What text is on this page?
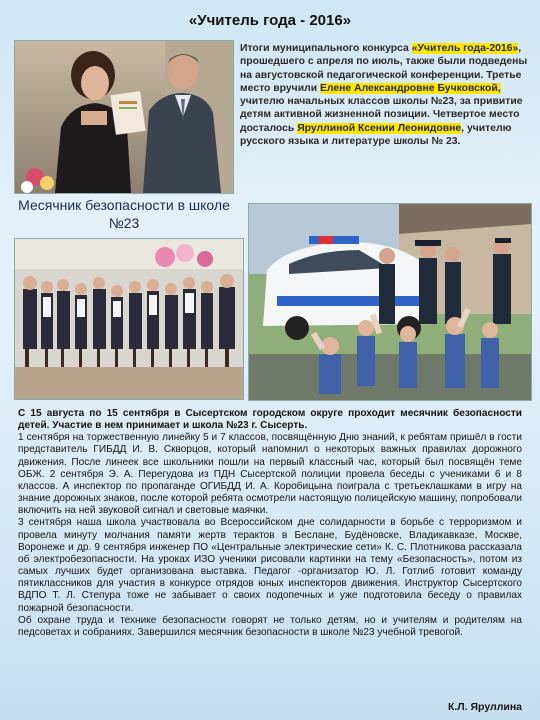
«Учитель года - 2016»
Итоги муниципального конкурса «Учитель года-2016», прошедшего с апреля по июль, также были подведены на августовской педагогической конференции. Третье место вручили Елене Александровне Бучковской, учителю начальных классов школы №23, за привитие детям активной жизненной позиции. Четвертое место досталось Яруллиной Ксении Леонидовне, учителю русского языка и литературе школы № 23.
Месячник безопасности в школе №23

С 15 августа по 15 сентября в Сысертском городском округе проходит месячник безопасности детей. Участие в нем принимает и школа №23 г. Сысерть.

1 сентября на торжественную линейку 5 и 7 классов, посвящённую Дню знаний, к ребятам пришёл в гости представитель ГИБДД И. В. Скворцов, который напомнил о некоторых важных правилах дорожного движения. После линеек все школьники пошли на первый классный час, который был посвящён теме ОБЖ. 2 сентября Э. А. Перегудова из ПДН Сысертской полиции провела беседы с учениками 6 и 8 классов. А инспектор по пропаганде ОГИБДД И. А. Коробицына поиграла с третьеклашками в игру на знание дорожных знаков, после которой ребята осмотрели настоящую полицейскую машину, попробовали включить на ней звуковой сигнал и световые маячки.

3 сентября наша школа участвовала во Всероссийском дне солидарности в борьбе с терроризмом и провела минуту молчания памяти жертв терактов в Беслане, Будёновске, Владикавказе, Москве, Воронеже и др. 9 сентября инженер ПО «Центральные электрические сети» К. С. Плотникова рассказала об электробезопасности. На уроках ИЗО ученики рисовали картинки на тему «Безопасность», потом из самых лучших будет организована выставка. Педагог -организатор Ю. Л. Готлиб готовит команду пятиклассников для участия в конкурсе отрядов юных инспекторов движения. Инструктор Сысертского ВДПО Т. Л. Степура тоже не забывает о своих подопечных и уже подготовила беседу о правилах пожарной безопасности.

Об охране труда и технике безопасности говорят не только детям, но и учителям и родителям на педсоветах и собраниях. Завершился месячник безопасности в школе №23 учебной тревогой.

К.Л. Яруллина
